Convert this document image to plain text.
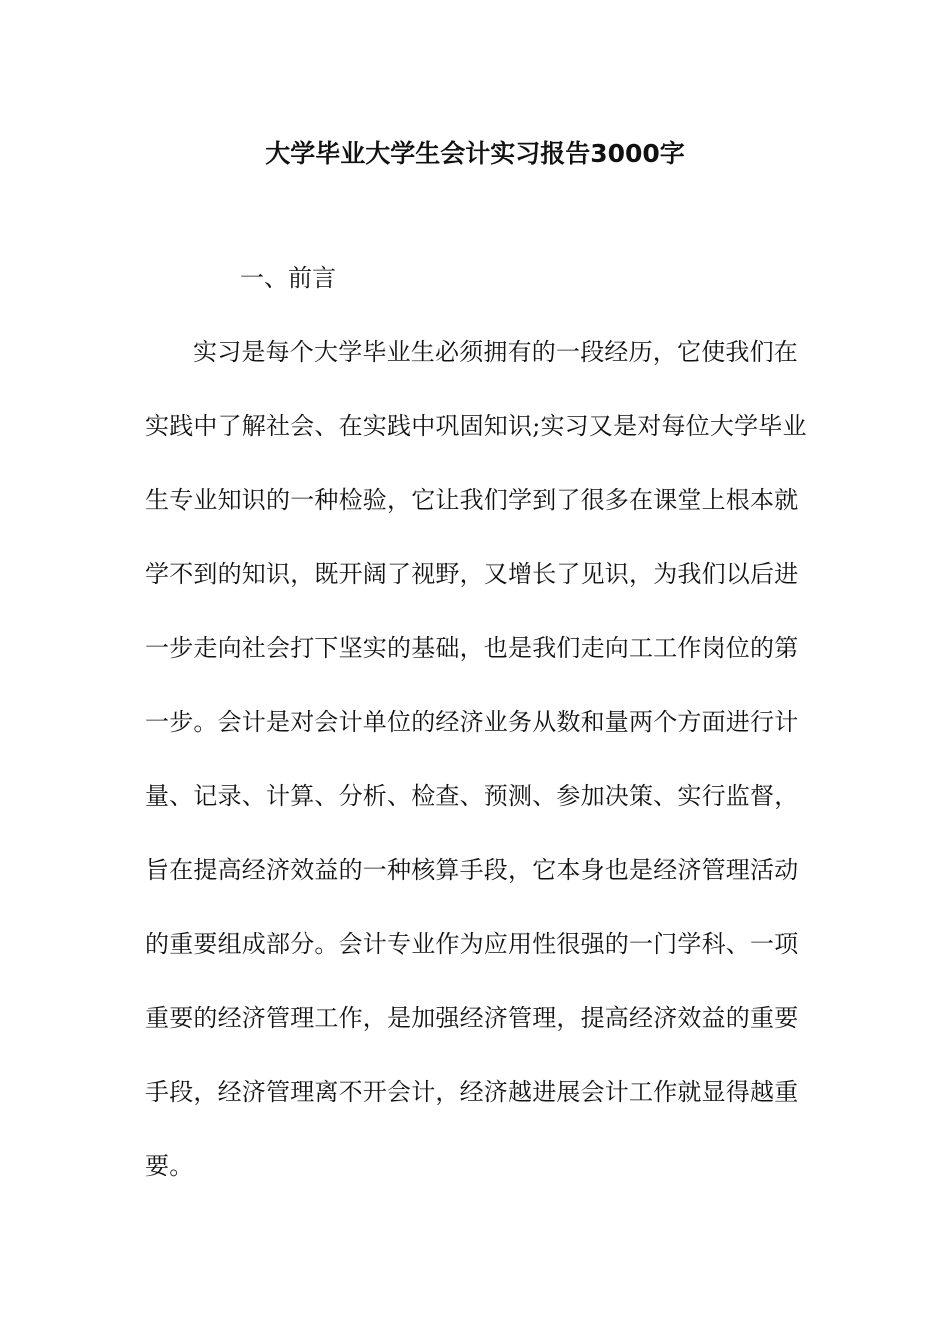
大学毕业大学生会计实习报告3000字
一、前言
实习是每个大学毕业生必须拥有的一段经历，它使我们在
实践中了解社会、在实践中巩固知识;实习又是对每位大学毕业
生专业知识的一种检验，它让我们学到了很多在课堂上根本就
学不到的知识，既开阔了视野，又增长了见识，为我们以后进
一步走向社会打下坚实的基础，也是我们走向工工作岗位的第
一步。会计是对会计单位的经济业务从数和量两个方面进行计
量、记录、计算、分析、检查、预测、参加决策、实行监督，
旨在提高经济效益的一种核算手段，它本身也是经济管理活动
的重要组成部分。会计专业作为应用性很强的一门学科、一项
重要的经济管理工作，是加强经济管理，提高经济效益的重要
手段，经济管理离不开会计，经济越进展会计工作就显得越重
要。
